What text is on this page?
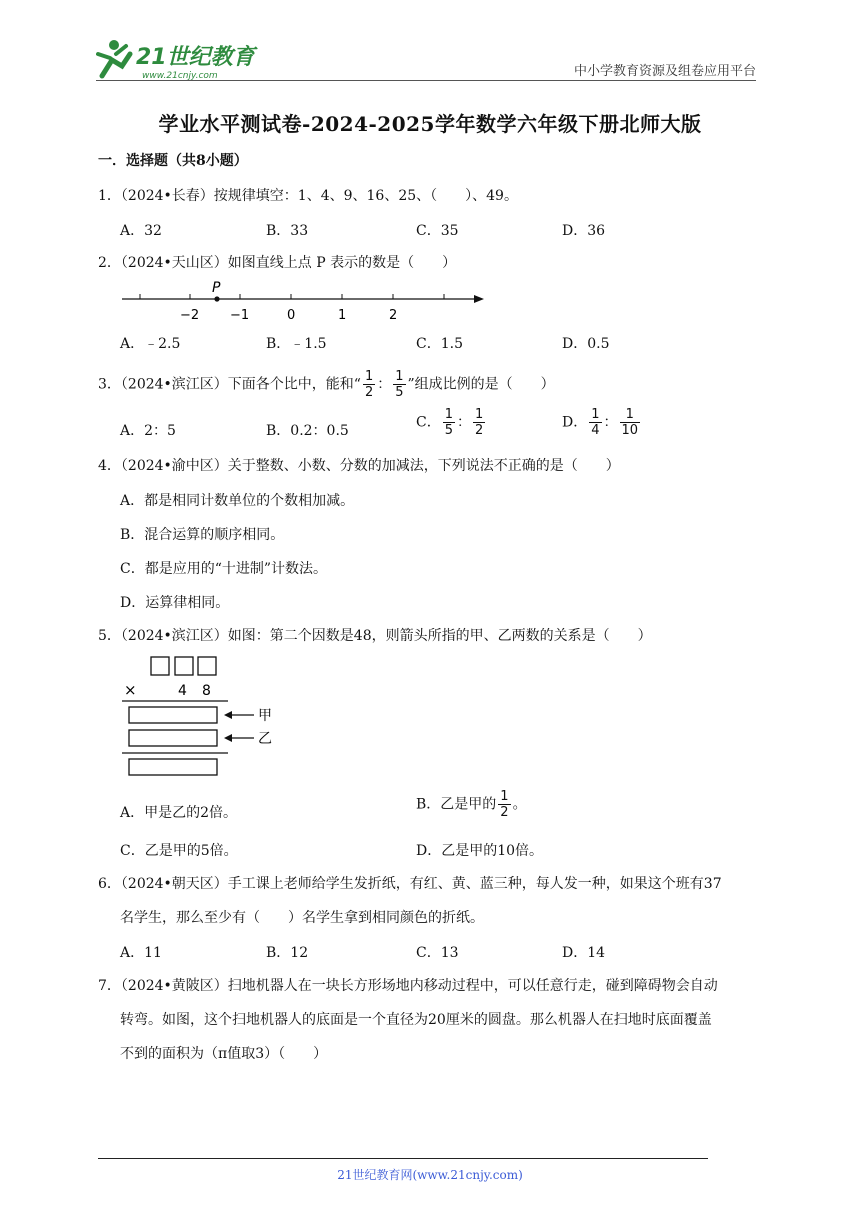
21世纪教育
www.21cnjy.com	中小学教育资源及组卷应用平台
学业水平测试卷-2024-2025学年数学六年级下册北师大版
一．选择题（共8小题）
1．（2024•长春）按规律填空：1、4、9、16、25、（　　）、49。
A．32	B．33	C．35	D．36
2．（2024•天山区）如图直线上点 P 表示的数是（　　）
P
−2 −1	0	1	2
A．﹣2.5	B．﹣1.5	C．1.5	D．0.5
3．（2024•滨江区）下面各个比中，能和“ $\frac{1}{2}$ ： $\frac{1}{5}$ ”组成比例的是（　　）
A．2：5	B．0.2：0.5
C． $\frac{1}{5}$ ： $\frac{1}{2}$	D． $\frac{1}{4}$ ： $\frac{1}{10}$
4．（2024•渝中区）关于整数、小数、分数的加减法，下列说法不正确的是（　　）
A．都是相同计数单位的个数相加减。
B．混合运算的顺序相同。
C．都是应用的“十进制”计数法。
D．运算律相同。
5．（2024•滨江区）如图：第二个因数是48，则箭头所指的甲、乙两数的关系是（　　）
×	4 8
甲
乙
A．甲是乙的2倍。
B．乙是甲的 $\frac{1}{2}$ 。
C．乙是甲的5倍。	D．乙是甲的10倍。
6．（2024•朝天区）手工课上老师给学生发折纸，有红、黄、蓝三种，每人发一种，如果这个班有37
名学生，那么至少有（　　）名学生拿到相同颜色的折纸。
A．11	B．12	C．13	D．14
7．（2024•黄陂区）扫地机器人在一块长方形场地内移动过程中，可以任意行走，碰到障碍物会自动
转弯。如图，这个扫地机器人的底面是一个直径为20厘米的圆盘。那么机器人在扫地时底面覆盖
不到的面积为（π值取3）（　　）
21世纪教育网(www.21cnjy.com)
